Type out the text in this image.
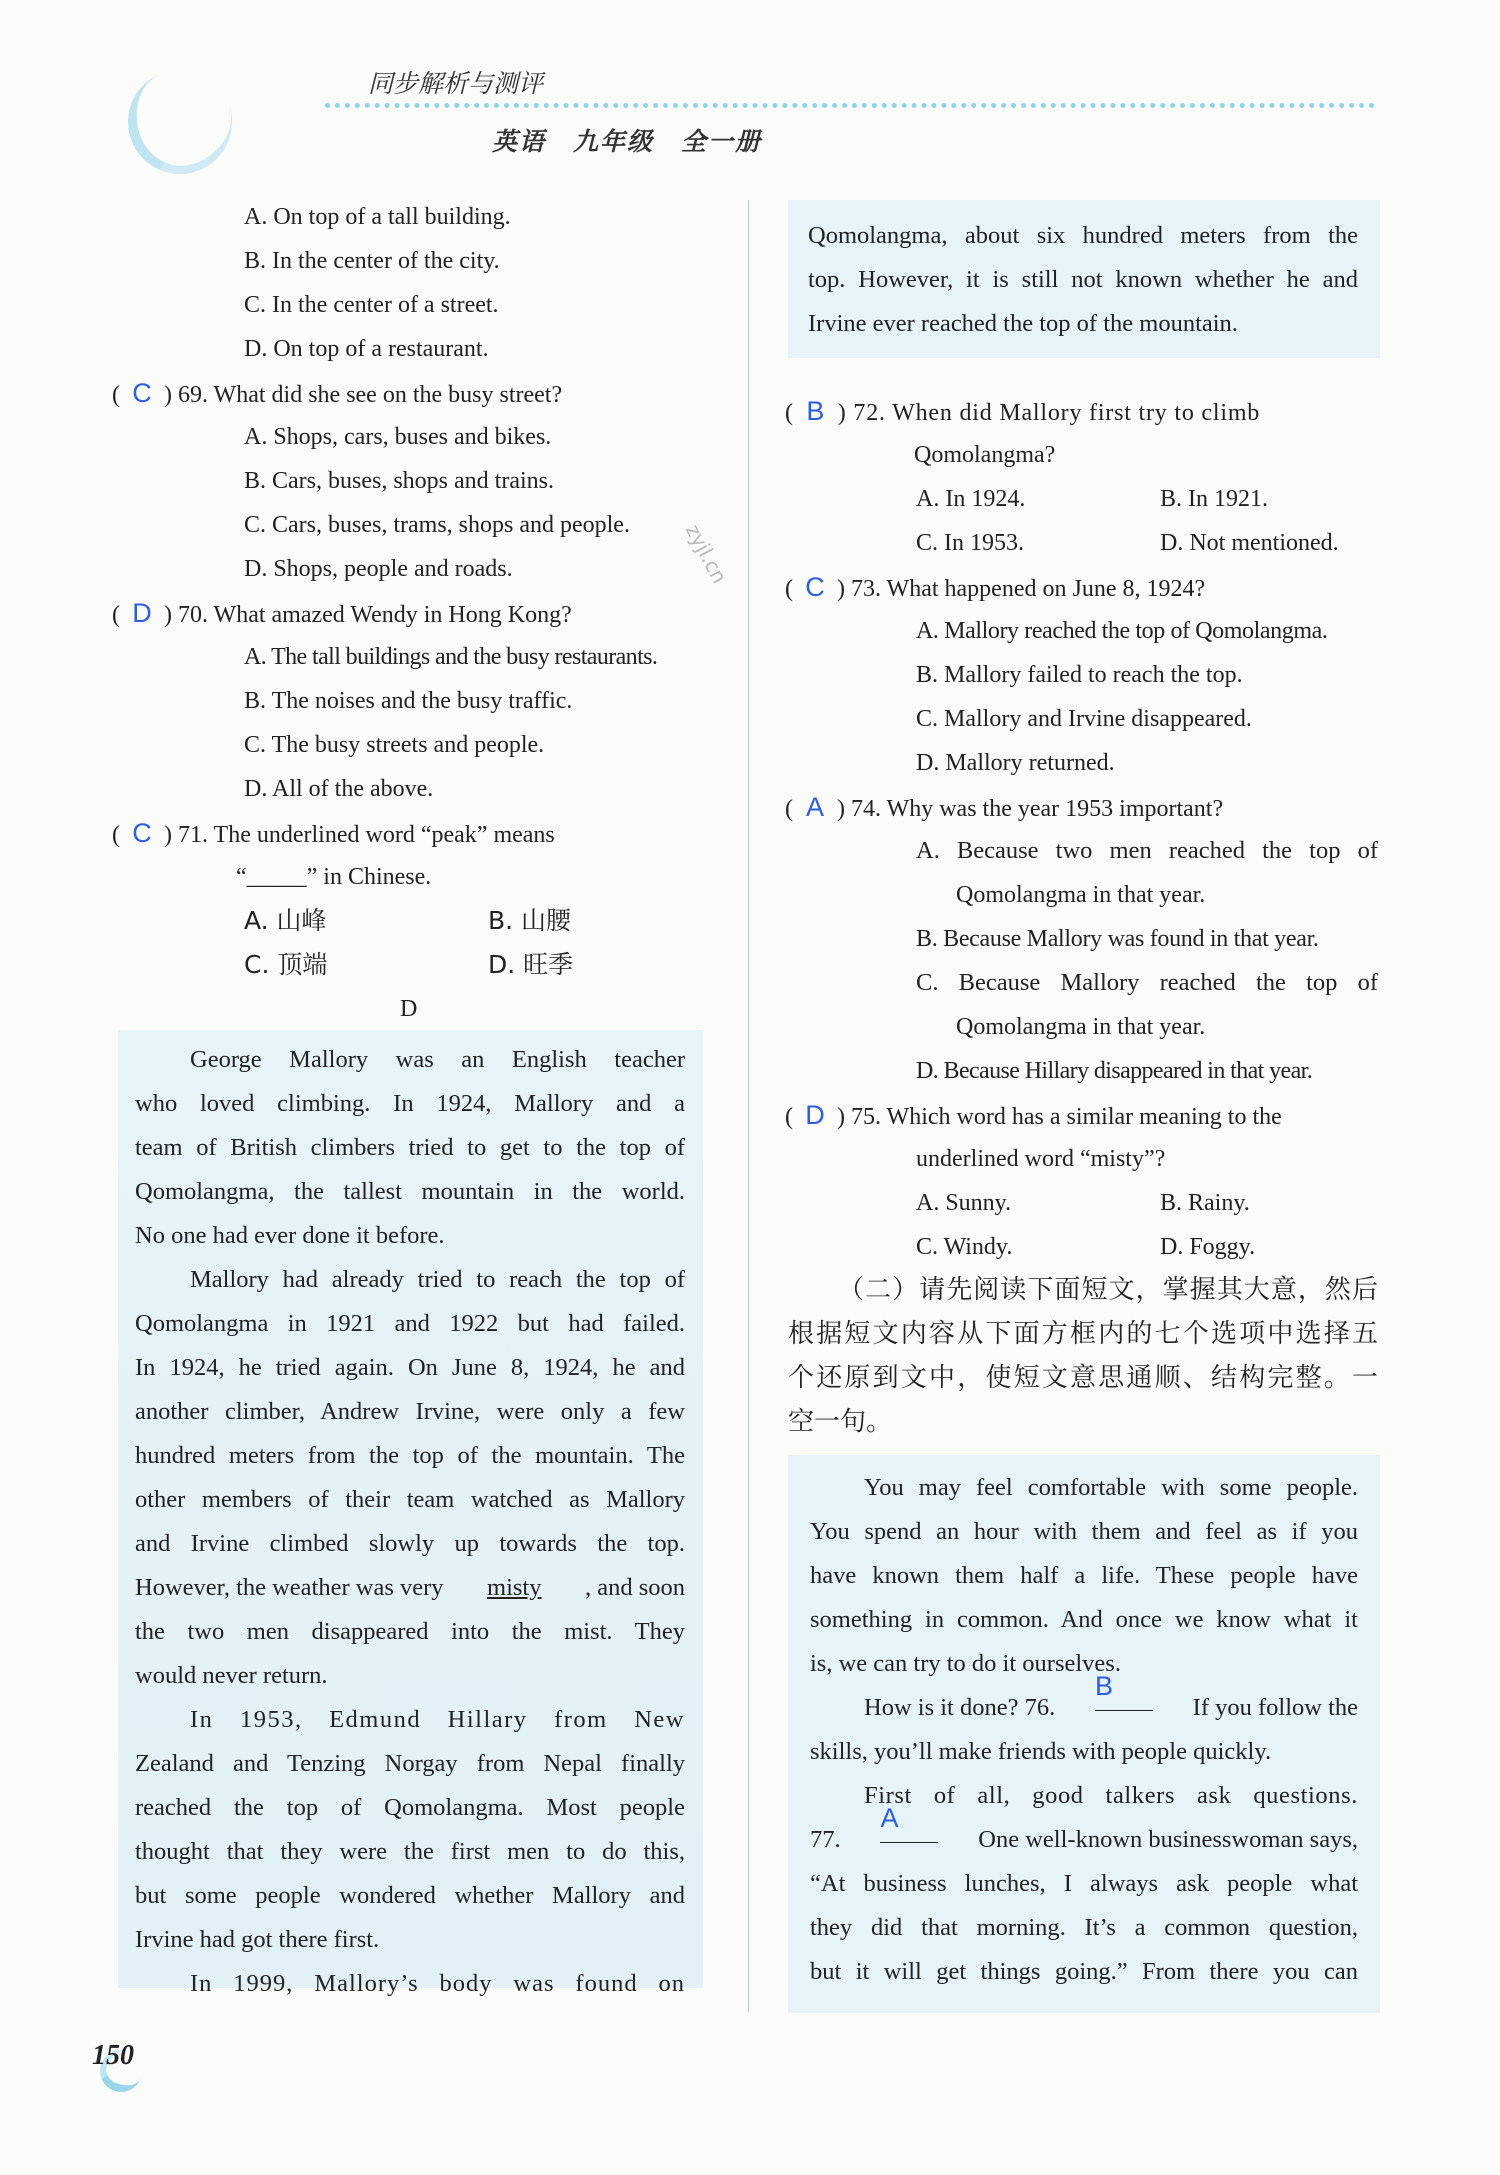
同步解析与测评
英语　九年级　全一册
zyjl.cn
A. On top of a tall building.
B. In the center of the city.
C. In the center of a street.
D. On top of a restaurant.
( C ) 69. What did she see on the busy street?
A. Shops, cars, buses and bikes.
B. Cars, buses, shops and trains.
C. Cars, buses, trams, shops and people.
D. Shops, people and roads.
( D ) 70. What amazed Wendy in Hong Kong?
A. The tall buildings and the busy restaurants.
B. The noises and the busy traffic.
C. The busy streets and people.
D. All of the above.
( C ) 71. The underlined word “peak” means
“_____” in Chinese.
A. 山峰	B. 山腰
C. 顶端	D. 旺季
D
George Mallory was an English teacher
who loved climbing. In 1924, Mallory and a
team of British climbers tried to get to the top of
Qomolangma, the tallest mountain in the world.
No one had ever done it before.
Mallory had already tried to reach the top of
Qomolangma in 1921 and 1922 but had failed.
In 1924, he tried again. On June 8, 1924, he and
another climber, Andrew Irvine, were only a few
hundred meters from the top of the mountain. The
other members of their team watched as Mallory
and Irvine climbed slowly up towards the top.
However, the weather was very misty , and soon
the two men disappeared into the mist. They
would never return.
In 1953, Edmund Hillary from New
Zealand and Tenzing Norgay from Nepal finally
reached the top of Qomolangma. Most people
thought that they were the first men to do this,
but some people wondered whether Mallory and
Irvine had got there first.
In 1999, Mallory’s body was found on
Qomolangma, about six hundred meters from the
top. However, it is still not known whether he and
Irvine ever reached the top of the mountain.
( B ) 72. When did Mallory first try to climb
Qomolangma?
A. In 1924.	B. In 1921.
C. In 1953.	D. Not mentioned.
( C ) 73. What happened on June 8, 1924?
A. Mallory reached the top of Qomolangma.
B. Mallory failed to reach the top.
C. Mallory and Irvine disappeared.
D. Mallory returned.
( A ) 74. Why was the year 1953 important?
A. Because two men reached the top of
Qomolangma in that year.
B. Because Mallory was found in that year.
C. Because Mallory reached the top of
Qomolangma in that year.
D. Because Hillary disappeared in that year.
( D ) 75. Which word has a similar meaning to the
underlined word “misty”?
A. Sunny.	B. Rainy.
C. Windy.	D. Foggy.
（二）请先阅读下面短文，掌握其大意，然后
根据短文内容从下面方框内的七个选项中选择五
个还原到文中，使短文意思通顺、结构完整。一
空一句。
You may feel comfortable with some people.
You spend an hour with them and feel as if you
have known them half a life. These people have
something in common. And once we know what it
is, we can try to do it ourselves.
How is it done? 76.
B
If you follow the
skills, you’ll make friends with people quickly.
First of all, good talkers ask questions.
77.
A
One well-known businesswoman says,
“At business lunches, I always ask people what
they did that morning. It’s a common question,
but it will get things going.” From there you can
150
